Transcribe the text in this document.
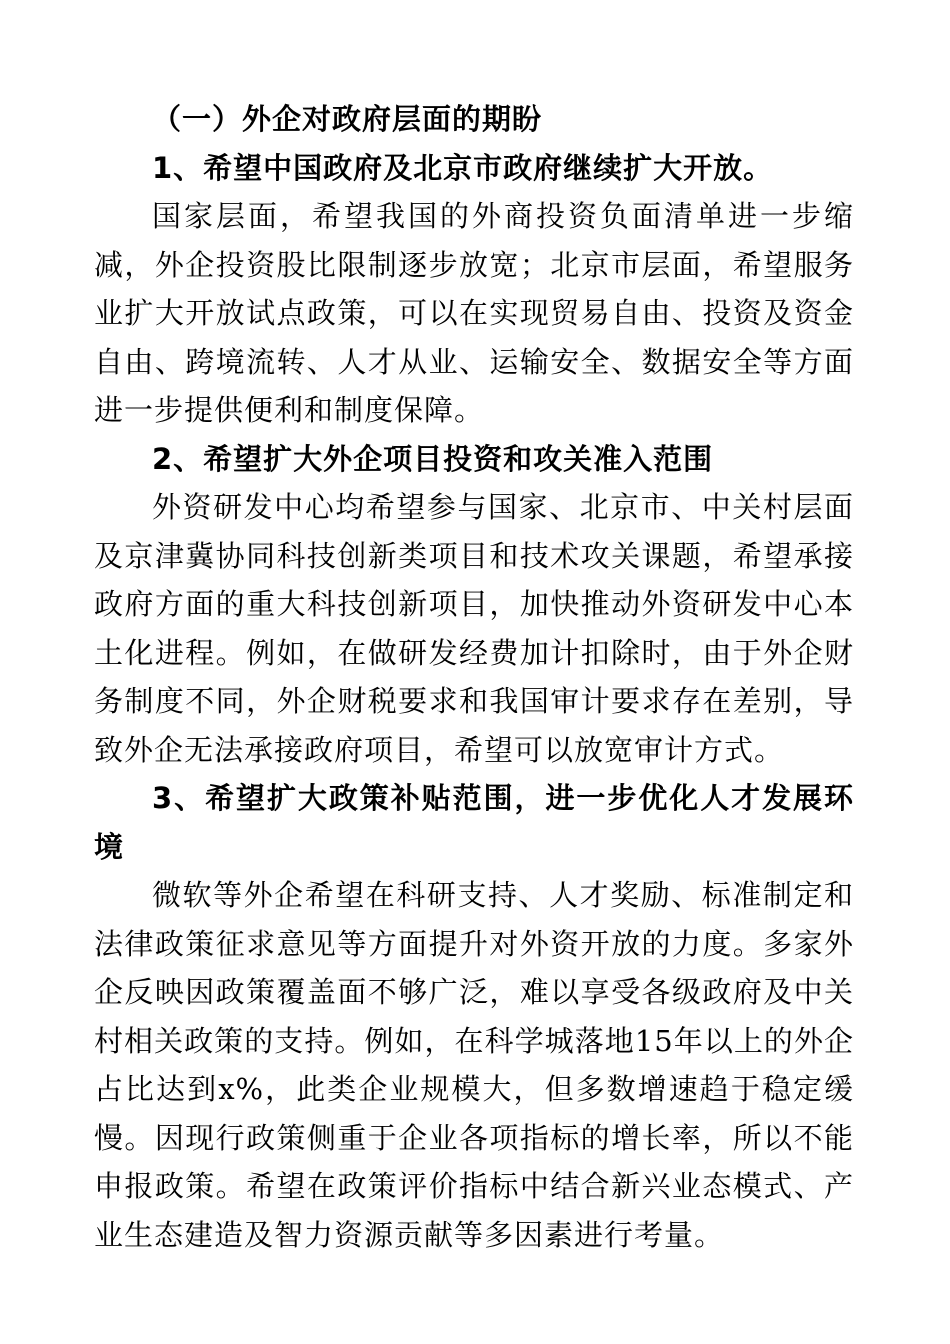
（一）外企对政府层面的期盼

1、希望中国政府及北京市政府继续扩大开放。

国家层面，希望我国的外商投资负面清单进一步缩减，外企投资股比限制逐步放宽；北京市层面，希望服务业扩大开放试点政策，可以在实现贸易自由、投资及资金自由、跨境流转、人才从业、运输安全、数据安全等方面进一步提供便利和制度保障。

2、希望扩大外企项目投资和攻关准入范围

外资研发中心均希望参与国家、北京市、中关村层面及京津冀协同科技创新类项目和技术攻关课题，希望承接政府方面的重大科技创新项目，加快推动外资研发中心本土化进程。例如，在做研发经费加计扣除时，由于外企财务制度不同，外企财税要求和我国审计要求存在差别，导致外企无法承接政府项目，希望可以放宽审计方式。

3、希望扩大政策补贴范围，进一步优化人才发展环境

微软等外企希望在科研支持、人才奖励、标准制定和法律政策征求意见等方面提升对外资开放的力度。多家外企反映因政策覆盖面不够广泛，难以享受各级政府及中关村相关政策的支持。例如，在科学城落地15年以上的外企占比达到x%，此类企业规模大，但多数增速趋于稳定缓慢。因现行政策侧重于企业各项指标的增长率，所以不能申报政策。希望在政策评价指标中结合新兴业态模式、产业生态建造及智力资源贡献等多因素进行考量。
